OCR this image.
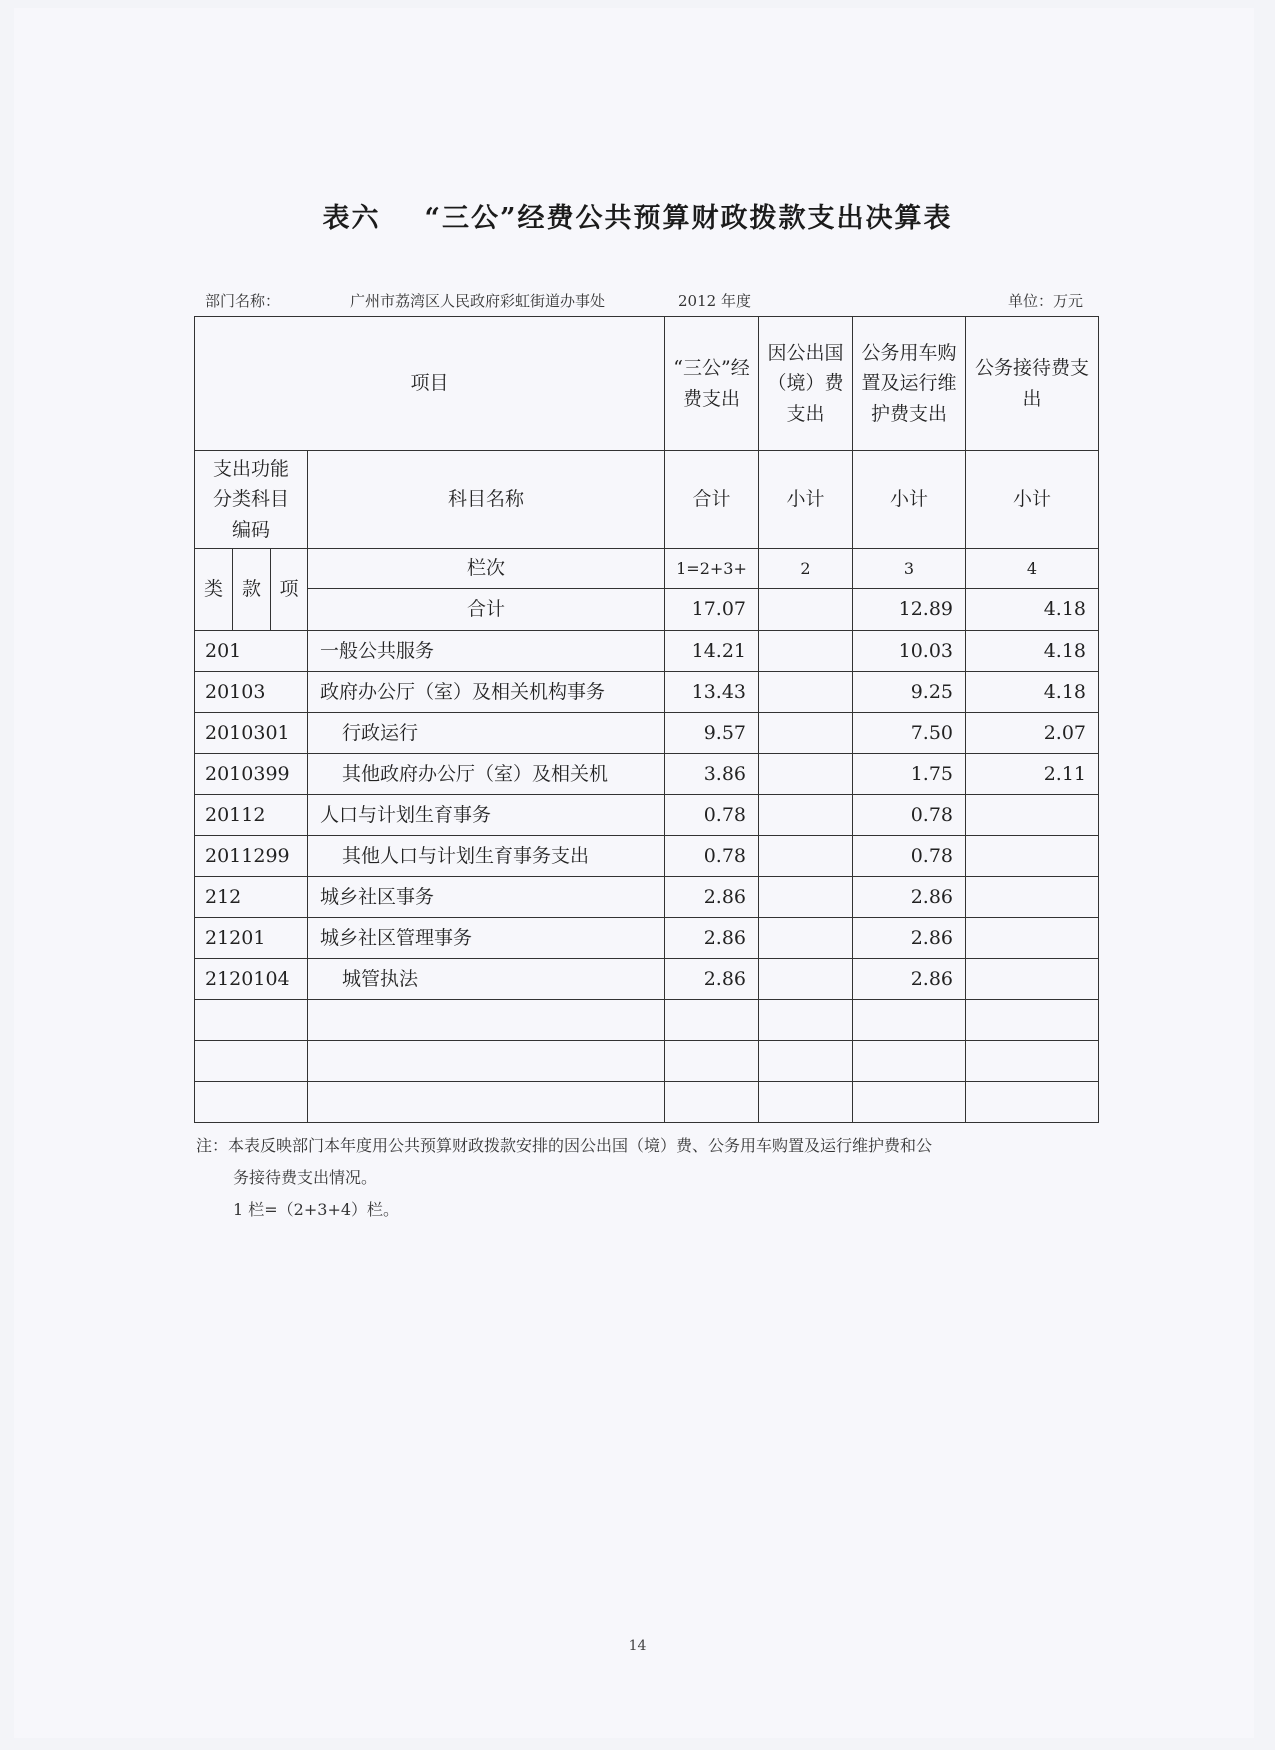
表六 “三公”经费公共预算财政拨款支出决算表
部门名称：	广州市荔湾区人民政府彩虹街道办事处	2012 年度	单位：万元
项目				“三公”经费支出	因公出国（境）费支出	公务用车购置及运行维护费支出	公务接待费支出
支出功能分类科目编码			科目名称	合计	小计	小计	小计
类	款	项	栏次	1=2+3+	2	3	4
			合计	17.07		12.89	4.18
201			一般公共服务	14.21		10.03	4.18
20103			政府办公厅（室）及相关机构事务	13.43		9.25	4.18
2010301			行政运行	9.57		7.50	2.07
2010399			其他政府办公厅（室）及相关机	3.86		1.75	2.11
20112			人口与计划生育事务	0.78		0.78	
2011299			其他人口与计划生育事务支出	0.78		0.78	
212			城乡社区事务	2.86		2.86	
21201			城乡社区管理事务	2.86		2.86	
2120104			城管执法	2.86		2.86	

注：本表反映部门本年度用公共预算财政拨款安排的因公出国（境）费、公务用车购置及运行维护费和公
务接待费支出情况。
1 栏=（2+3+4）栏。
14
